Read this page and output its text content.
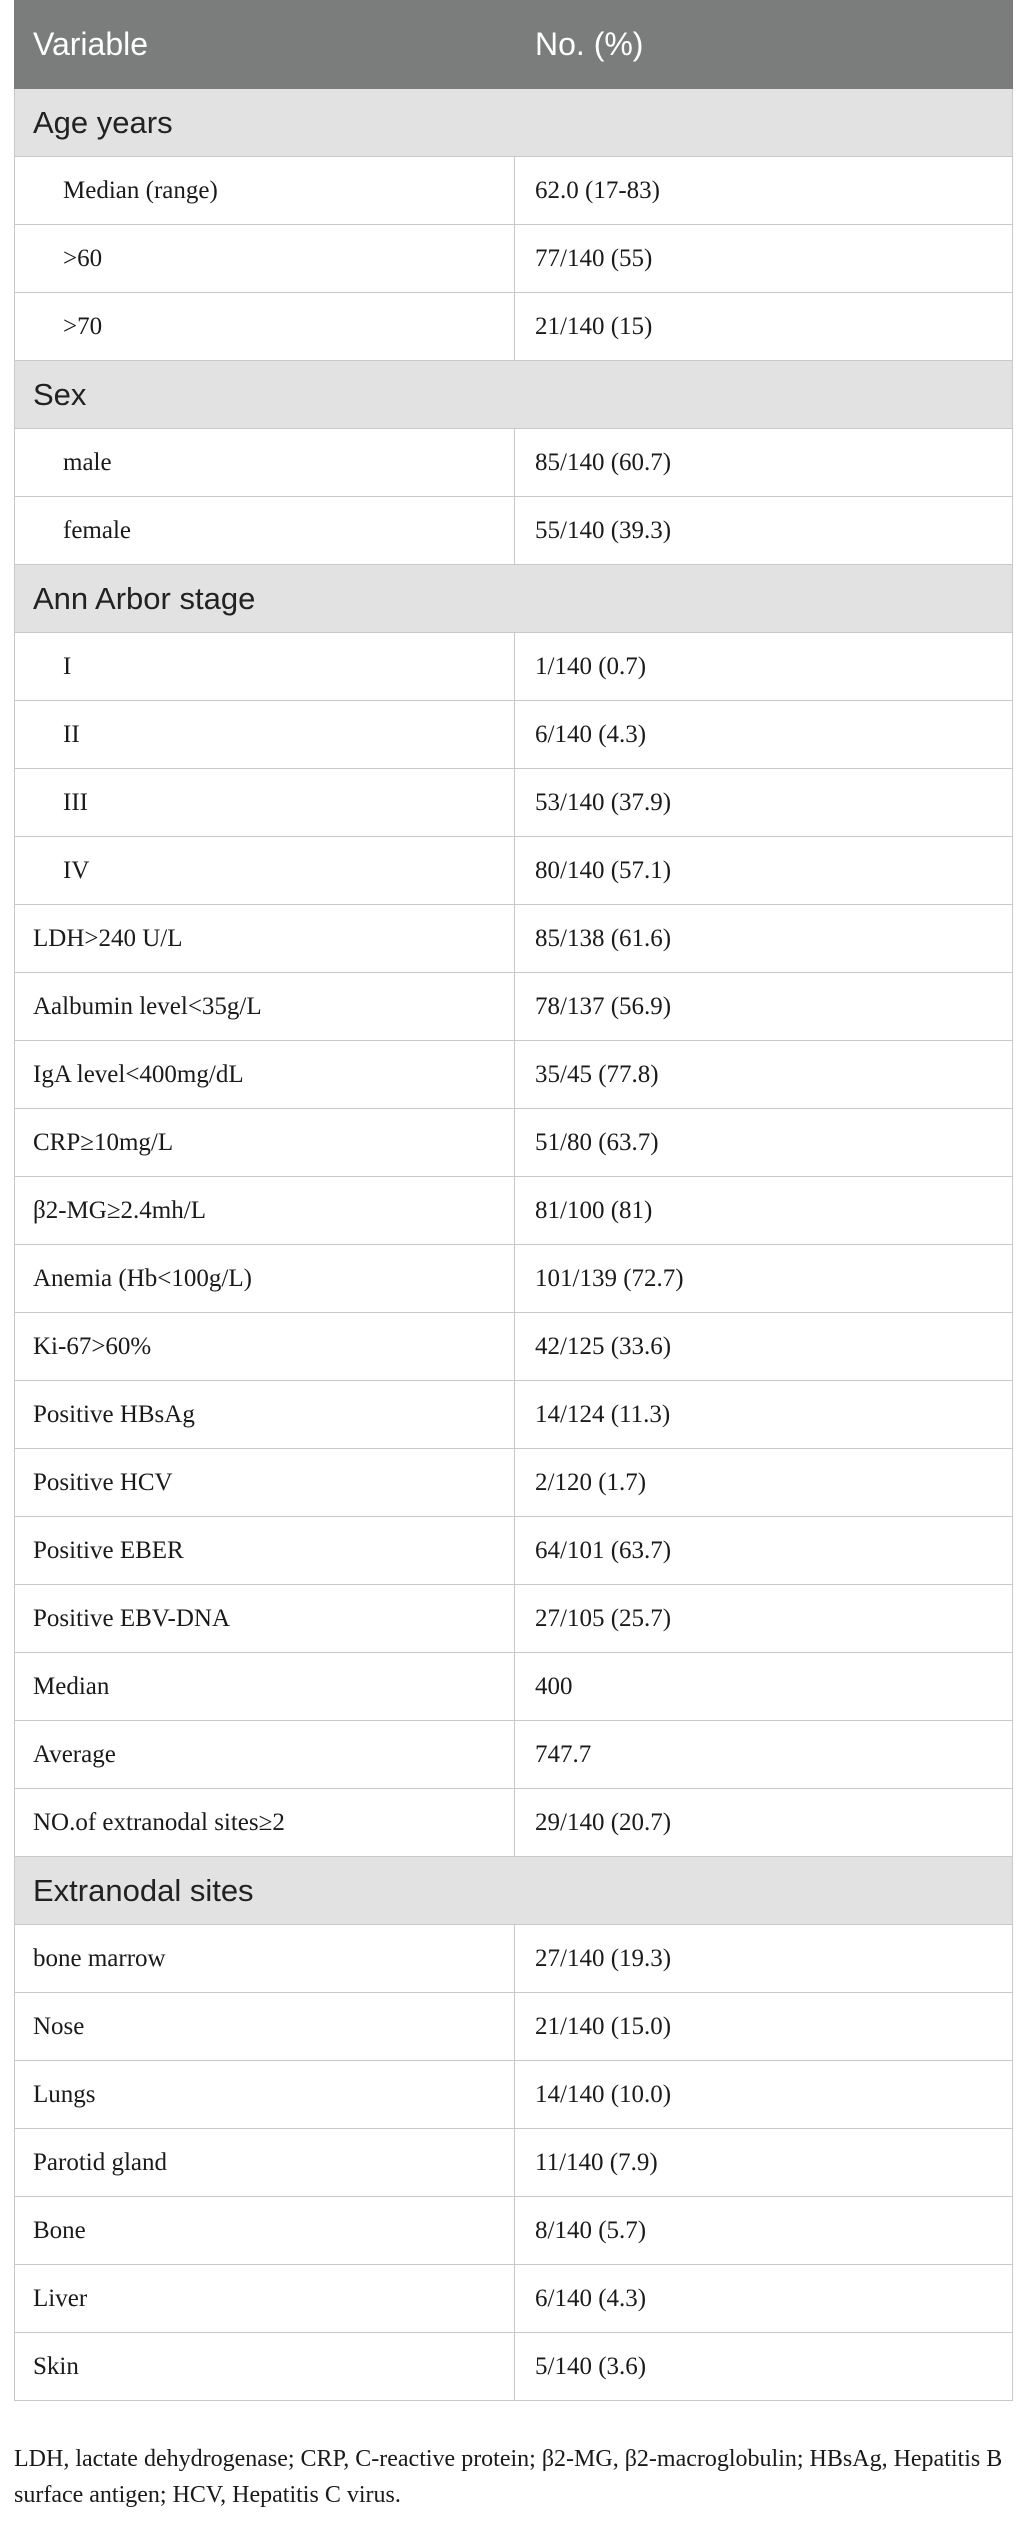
Variable	No. (%)
Age years	
Median (range)	62.0 (17-83)
>60	77/140 (55)
>70	21/140 (15)
Sex	
male	85/140 (60.7)
female	55/140 (39.3)
Ann Arbor stage	
I	1/140 (0.7)
II	6/140 (4.3)
III	53/140 (37.9)
IV	80/140 (57.1)
LDH>240 U/L	85/138 (61.6)
Aalbumin level<35g/L	78/137 (56.9)
IgA level<400mg/dL	35/45 (77.8)
CRP≥10mg/L	51/80 (63.7)
β2-MG≥2.4mh/L	81/100 (81)
Anemia (Hb<100g/L)	101/139 (72.7)
Ki-67>60%	42/125 (33.6)
Positive HBsAg	14/124 (11.3)
Positive HCV	2/120 (1.7)
Positive EBER	64/101 (63.7)
Positive EBV-DNA	27/105 (25.7)
Median	400
Average	747.7
NO.of extranodal sites≥2	29/140 (20.7)
Extranodal sites	
bone marrow	27/140 (19.3)
Nose	21/140 (15.0)
Lungs	14/140 (10.0)
Parotid gland	11/140 (7.9)
Bone	8/140 (5.7)
Liver	6/140 (4.3)
Skin	5/140 (3.6)
LDH, lactate dehydrogenase; CRP, C-reactive protein; β2-MG, β2-macroglobulin; HBsAg, Hepatitis B surface antigen; HCV, Hepatitis C virus.
